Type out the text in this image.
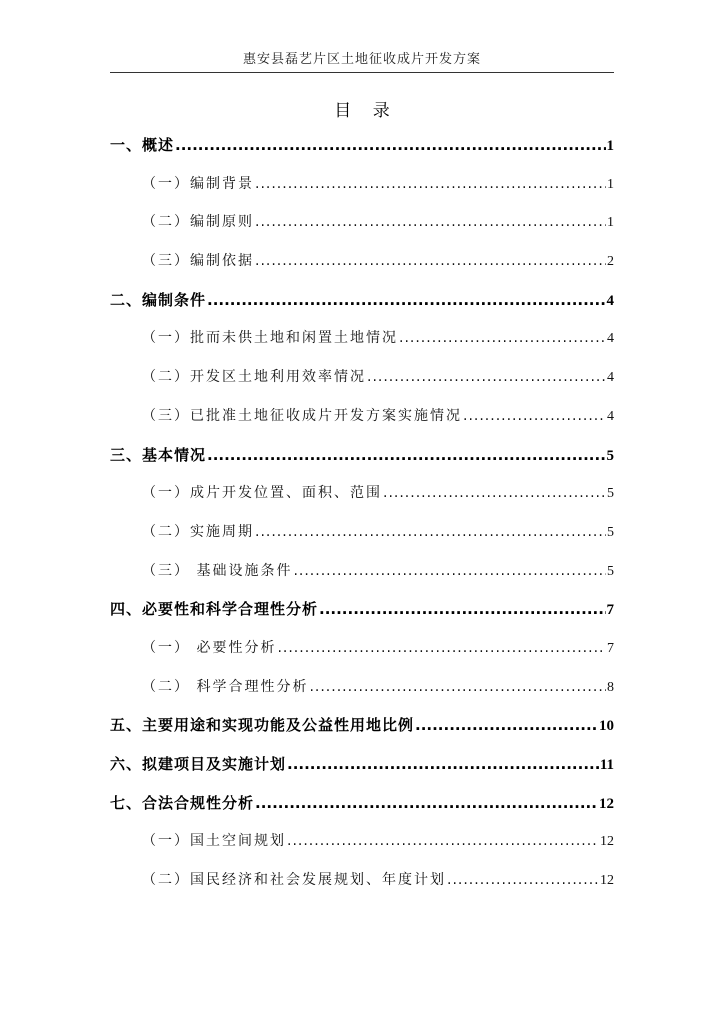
惠安县磊艺片区土地征收成片开发方案
目 录
一、概述 .....	1
（一）编制背景 .....	1
（二）编制原则 .....	1
（三）编制依据 .....	2
二、编制条件 .....	4
（一）批而未供土地和闲置土地情况 .....	4
（二）开发区土地利用效率情况 .....	4
（三）已批准土地征收成片开发方案实施情况 .....	4
三、基本情况 .....	5
（一）成片开发位置、面积、范围 .....	5
（二）实施周期 .....	5
（三） 基础设施条件 .....	5
四、必要性和科学合理性分析 .....	7
（一） 必要性分析 .....	7
（二） 科学合理性分析 .....	8
五、主要用途和实现功能及公益性用地比例 .....	10
六、拟建项目及实施计划 .....	11
七、合法合规性分析 .....	12
（一）国土空间规划 .....	12
（二）国民经济和社会发展规划、年度计划 .....	12
